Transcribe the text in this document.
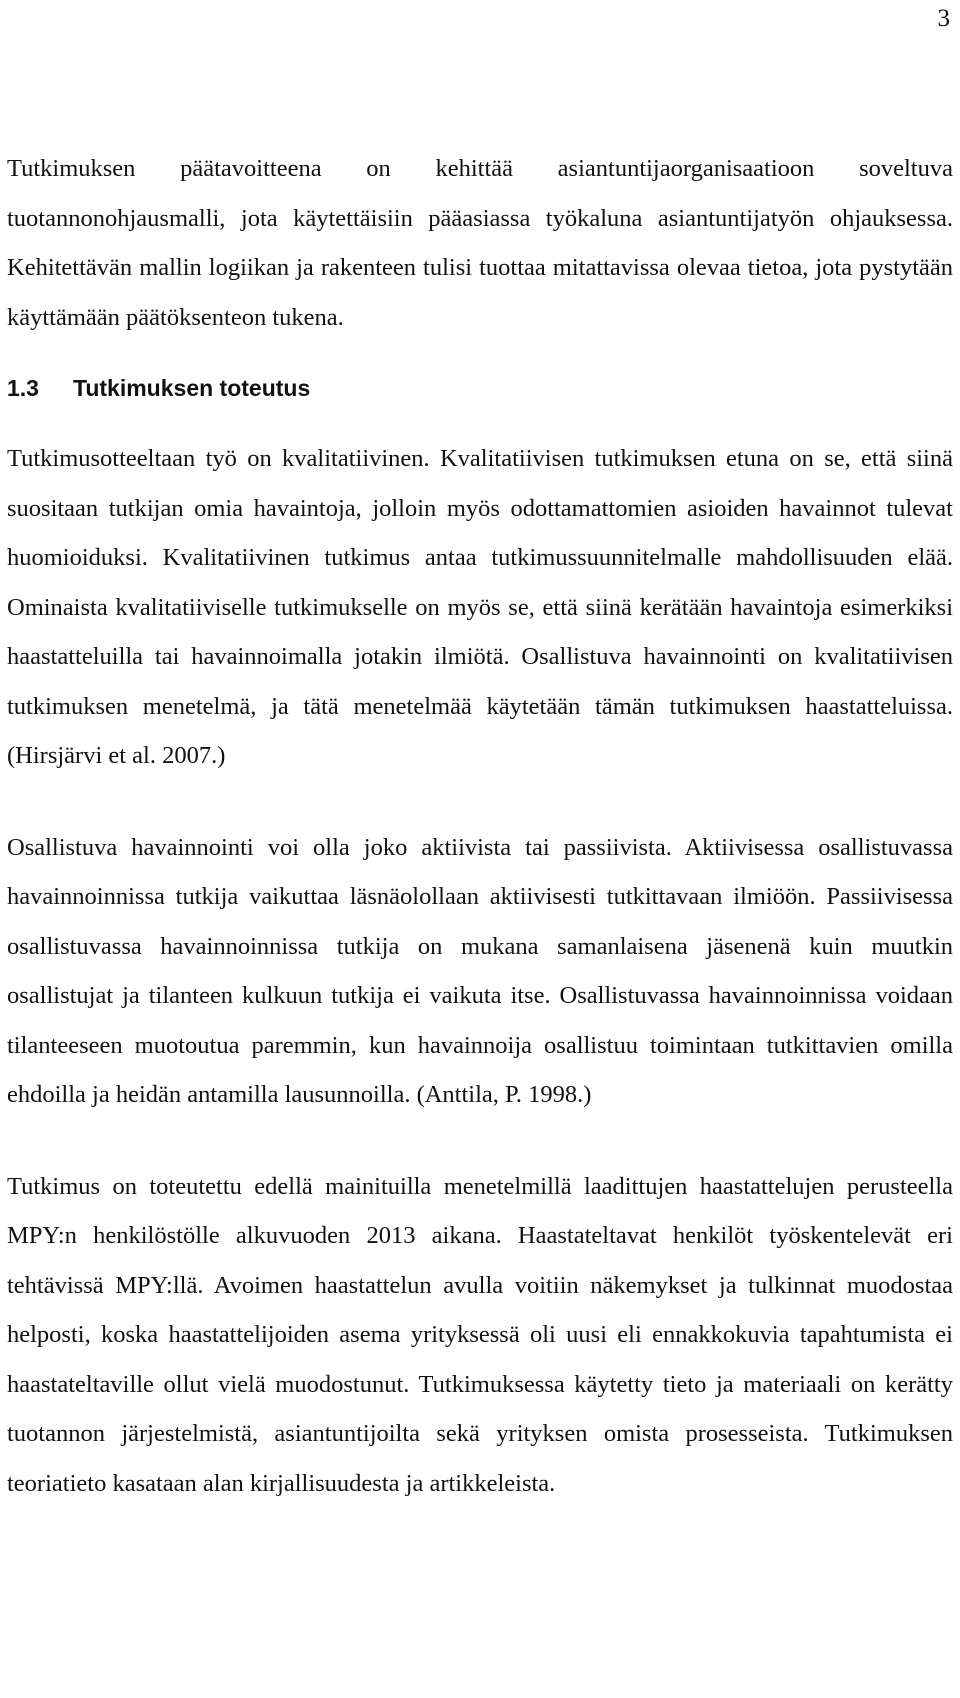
3

Tutkimuksen päätavoitteena on kehittää asiantuntijaorganisaatioon soveltuva tuotannonohjausmalli, jota käytettäisiin pääasiassa työkaluna asiantuntijatyön ohjauksessa. Kehitettävän mallin logiikan ja rakenteen tulisi tuottaa mitattavissa olevaa tietoa, jota pystytään käyttämään päätöksenteon tukena.

1.3 Tutkimuksen toteutus

Tutkimusotteeltaan työ on kvalitatiivinen. Kvalitatiivisen tutkimuksen etuna on se, että siinä suositaan tutkijan omia havaintoja, jolloin myös odottamattomien asioiden havainnot tulevat huomioiduksi. Kvalitatiivinen tutkimus antaa tutkimussuunnitelmalle mahdollisuuden elää. Ominaista kvalitatiiviselle tutkimukselle on myös se, että siinä kerätään havaintoja esimerkiksi haastatteluilla tai havainnoimalla jotakin ilmiötä. Osallistuva havainnointi on kvalitatiivisen tutkimuksen menetelmä, ja tätä menetelmää käytetään tämän tutkimuksen haastatteluissa. (Hirsjärvi et al. 2007.)

Osallistuva havainnointi voi olla joko aktiivista tai passiivista. Aktiivisessa osallistuvassa havainnoinnissa tutkija vaikuttaa läsnäolollaan aktiivisesti tutkittavaan ilmiöön. Passiivisessa osallistuvassa havainnoinnissa tutkija on mukana samanlaisena jäsenenä kuin muutkin osallistujat ja tilanteen kulkuun tutkija ei vaikuta itse. Osallistuvassa havainnoinnissa voidaan tilanteeseen muotoutua paremmin, kun havainnoija osallistuu toimintaan tutkittavien omilla ehdoilla ja heidän antamilla lausunnoilla. (Anttila, P. 1998.)

Tutkimus on toteutettu edellä mainituilla menetelmillä laadittujen haastattelujen perusteella MPY:n henkilöstölle alkuvuoden 2013 aikana. Haastateltavat henkilöt työskentelevät eri tehtävissä MPY:llä. Avoimen haastattelun avulla voitiin näkemykset ja tulkinnat muodostaa helposti, koska haastattelijoiden asema yrityksessä oli uusi eli ennakkokuvia tapahtumista ei haastateltaville ollut vielä muodostunut. Tutkimuksessa käytetty tieto ja materiaali on kerätty tuotannon järjestelmistä, asiantuntijoilta sekä yrityksen omista prosesseista. Tutkimuksen teoriatieto kasataan alan kirjallisuudesta ja artikkeleista.
